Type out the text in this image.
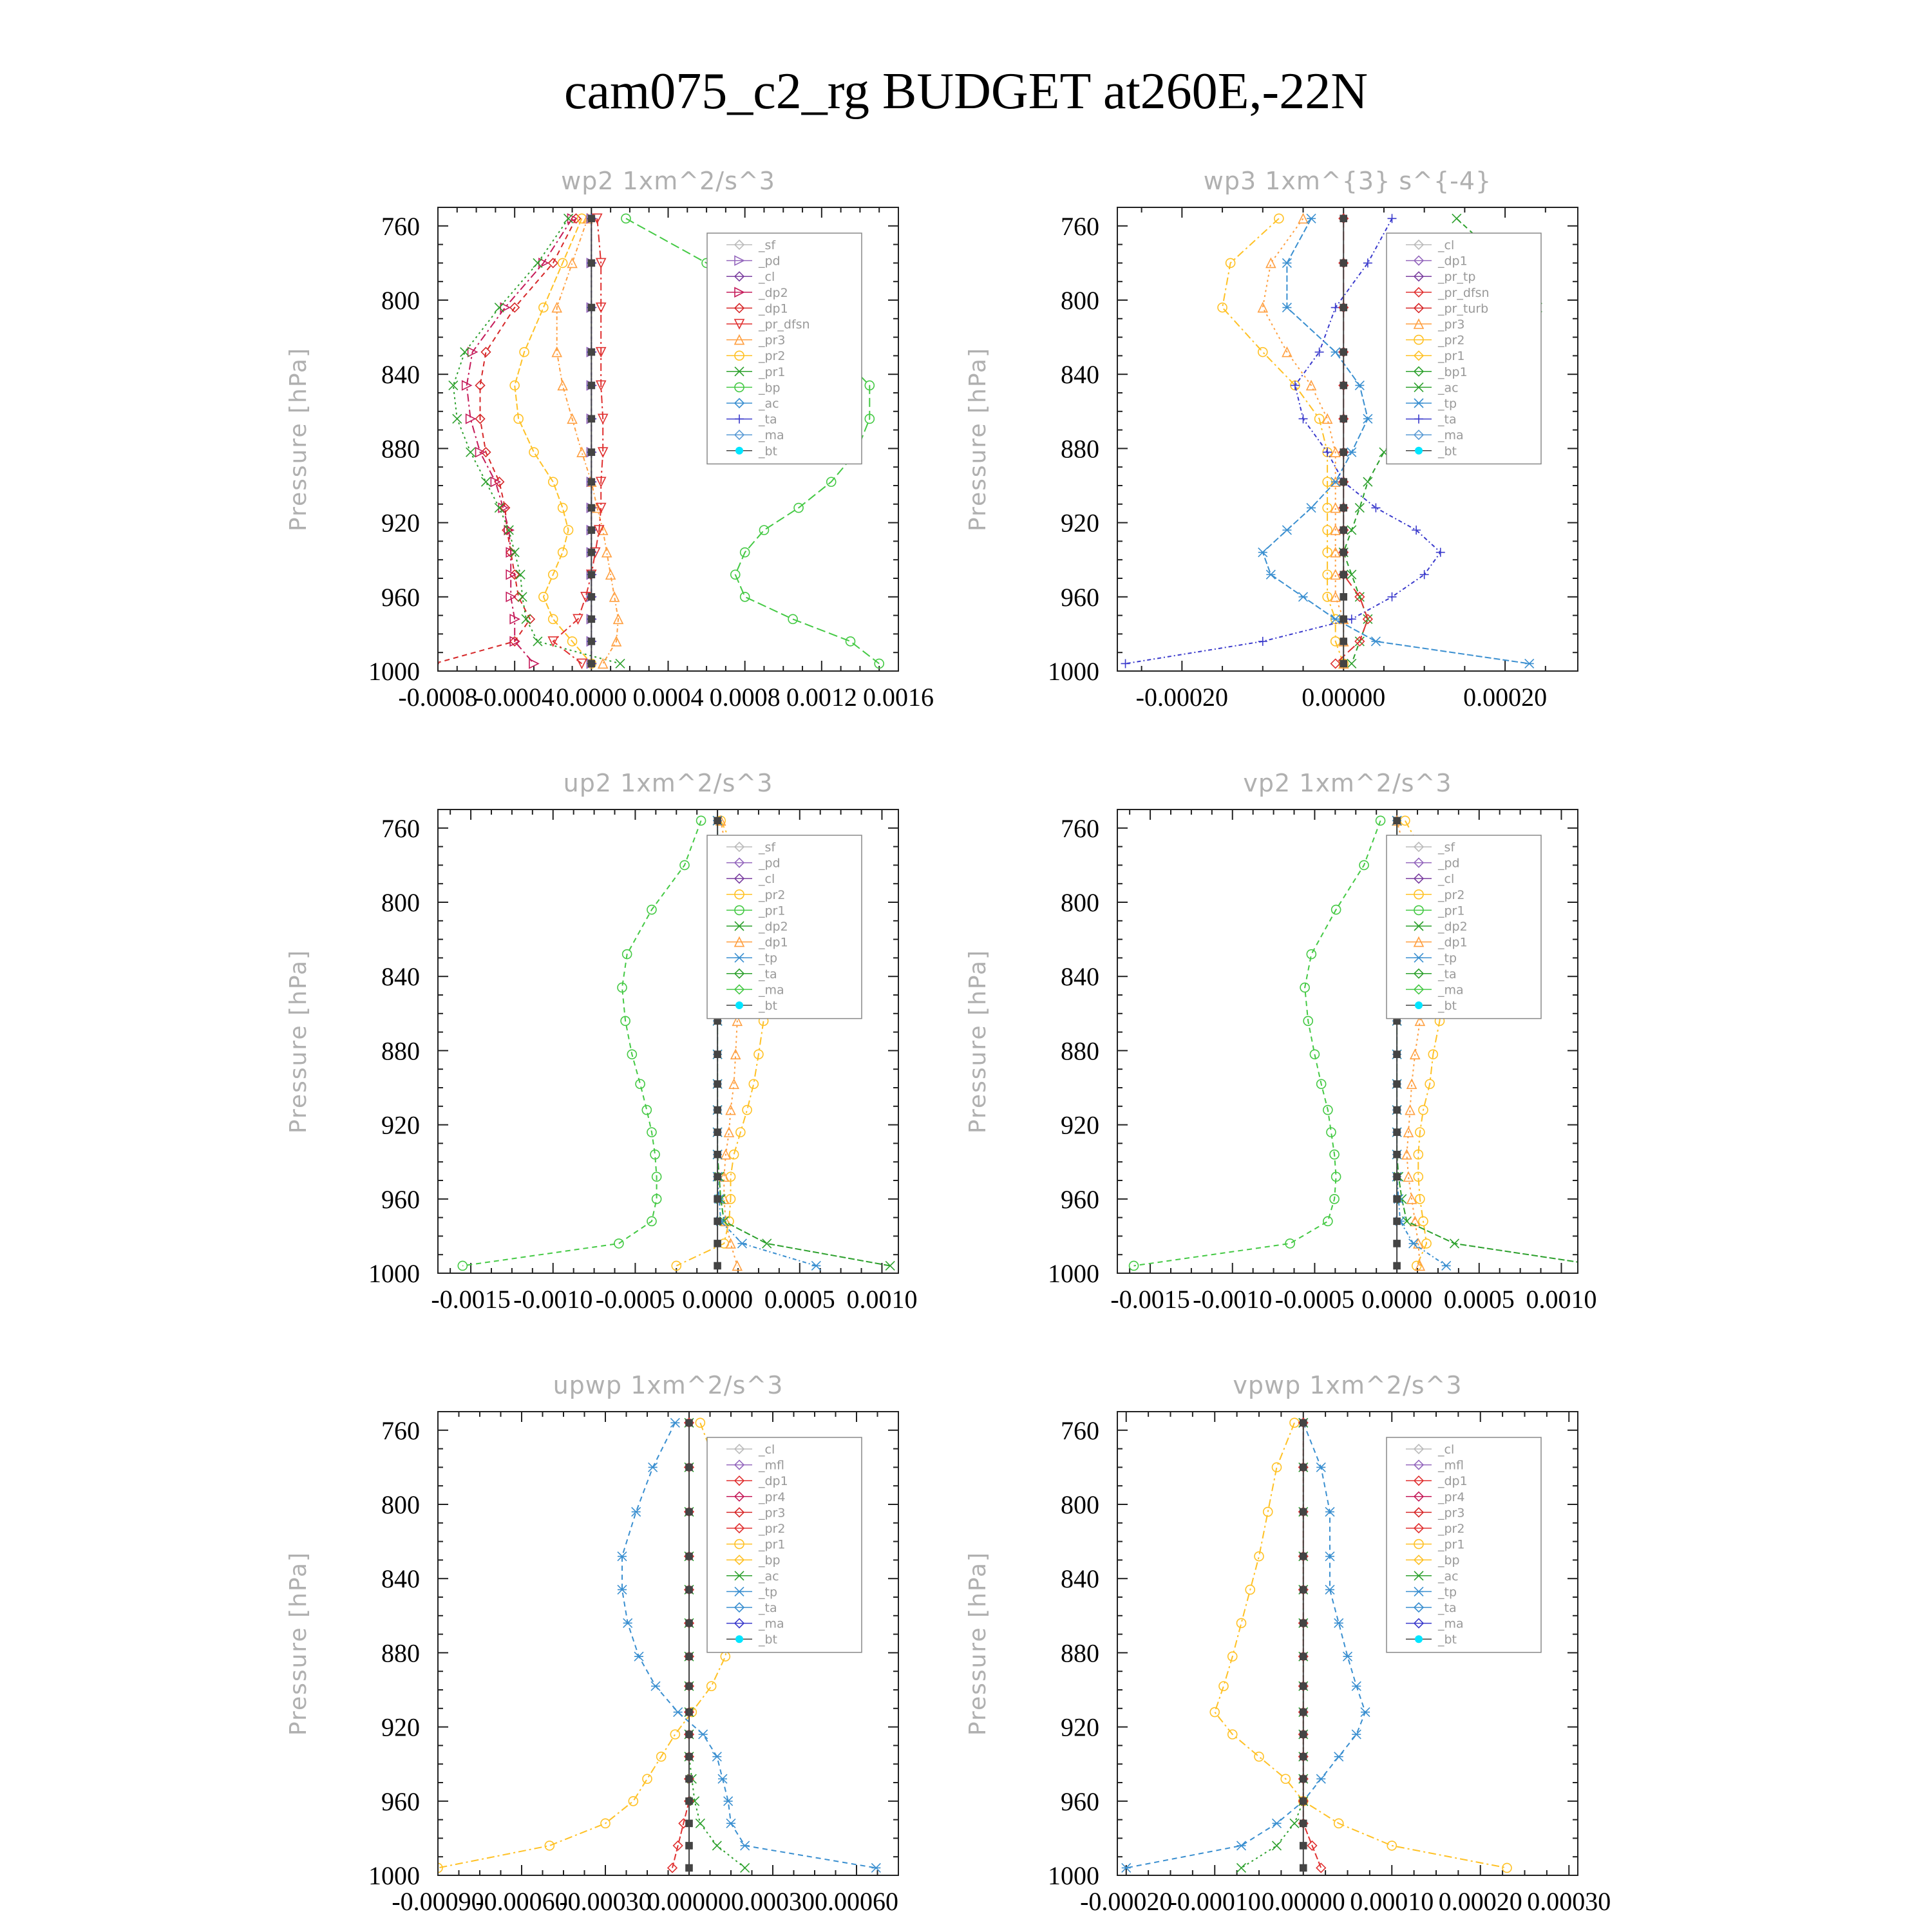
cam075_c2_rg BUDGET at260E,-22N
wp2 1xm^2/s^3
Pressure [hPa]
760
800
840
880
920
960
1000
-0.0008
-0.0004 0.0000 0.0004 0.0008 0.0012 0.0016
_sf
_pd
_cl
_dp2
_dp1
_pr_dfsn
_pr3
_pr2
_pr1
_bp
_ac
_ta
_ma
_bt
wp3 1xm^{3} s^{-4}
Pressure [hPa]
760
800
840
880
920
960
1000
-0.00020	0.00000	0.00020
_cl
_dp1
_pr_tp
_pr_dfsn
_pr_turb
_pr3
_pr2
_pr1
_bp1
_ac
_tp
_ta
_ma
_bt
up2 1xm^2/s^3
Pressure [hPa]
760
800
840
880
920
960
1000
-0.0015 -0.0010 -0.0005 0.0000 0.0005 0.0010
_sf
_pd
_cl
_pr2
_pr1
_dp2
_dp1
_tp
_ta
_ma
_bt
vp2 1xm^2/s^3
Pressure [hPa]
760
800
840
880
920
960
1000
-0.0015 -0.0010 -0.0005 0.0000 0.0005 0.0010
_sf
_pd
_cl
_pr2
_pr1
_dp2
_dp1
_tp
_ta
_ma
_bt
upwp 1xm^2/s^3
Pressure [hPa]
760
800
840
880
920
960
1000
-0.00090
-0.00060
-0.00030
0.00000 0.00030 0.00060
_cl
_mfl
_dp1
_pr4
_pr3
_pr2
_pr1
_bp
_ac
_tp
_ta
_ma
_bt
vpwp 1xm^2/s^3
Pressure [hPa]
760
800
840
880
920
960
1000
-0.00020
-0.00010 0.00000 0.00010 0.00020 0.00030
_cl
_mfl
_dp1
_pr4
_pr3
_pr2
_pr1
_bp
_ac
_tp
_ta
_ma
_bt
